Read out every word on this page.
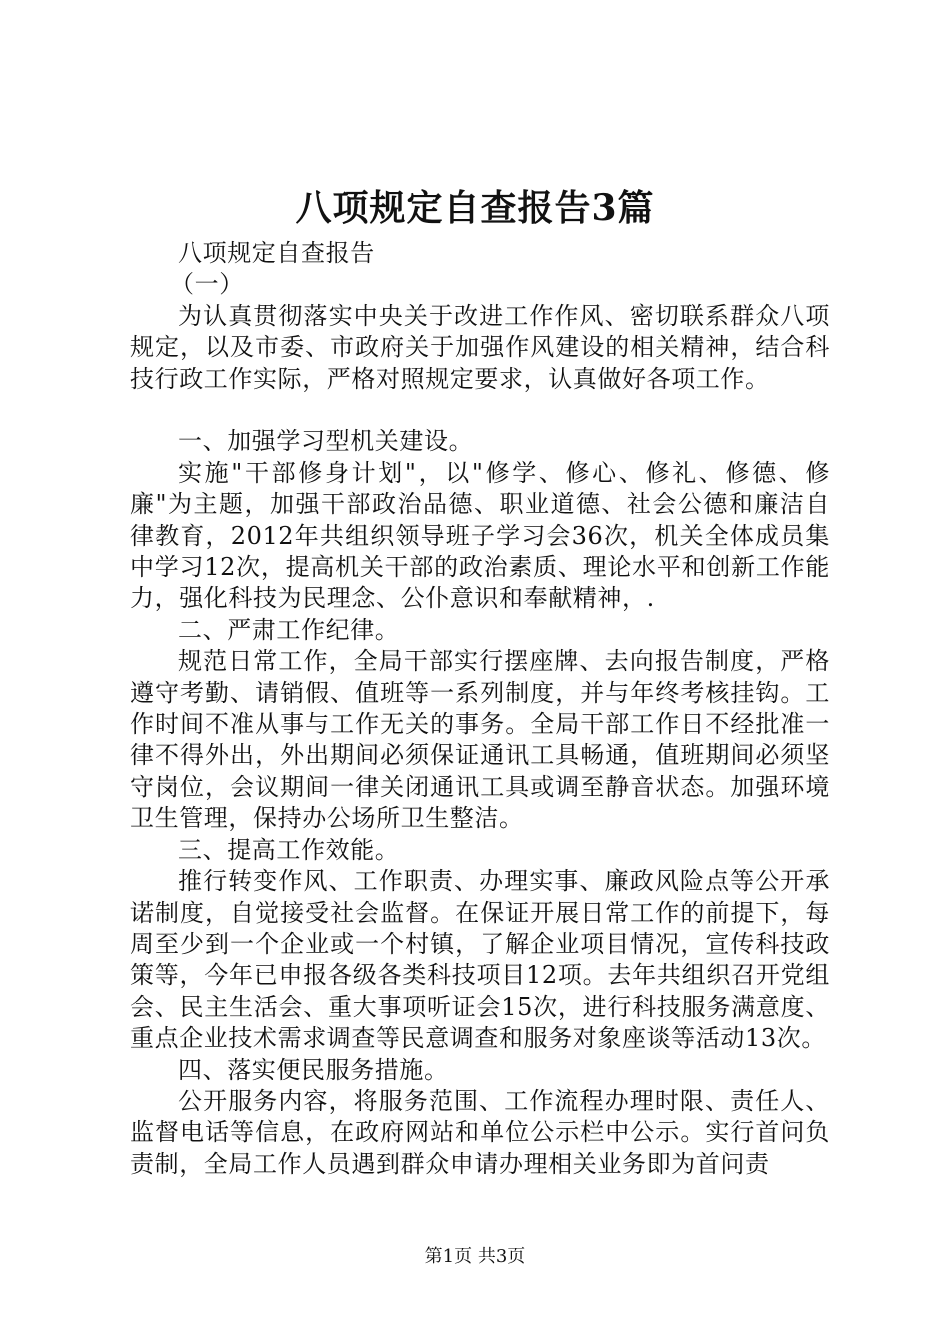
八项规定自查报告3篇

八项规定自查报告

（一）

为认真贯彻落实中央关于改进工作作风、密切联系群众八项规定，以及市委、市政府关于加强作风建设的相关精神，结合科技行政工作实际，严格对照规定要求，认真做好各项工作。

一、加强学习型机关建设。

实施"干部修身计划"，以"修学、修心、修礼、修德、修廉"为主题，加强干部政治品德、职业道德、社会公德和廉洁自律教育，2012年共组织领导班子学习会36次，机关全体成员集中学习12次，提高机关干部的政治素质、理论水平和创新工作能力，强化科技为民理念、公仆意识和奉献精神，.

二、严肃工作纪律。

规范日常工作，全局干部实行摆座牌、去向报告制度，严格遵守考勤、请销假、值班等一系列制度，并与年终考核挂钩。工作时间不准从事与工作无关的事务。全局干部工作日不经批准一律不得外出，外出期间必须保证通讯工具畅通，值班期间必须坚守岗位，会议期间一律关闭通讯工具或调至静音状态。加强环境卫生管理，保持办公场所卫生整洁。

三、提高工作效能。

推行转变作风、工作职责、办理实事、廉政风险点等公开承诺制度，自觉接受社会监督。在保证开展日常工作的前提下，每周至少到一个企业或一个村镇，了解企业项目情况，宣传科技政策等，今年已申报各级各类科技项目12项。去年共组织召开党组会、民主生活会、重大事项听证会15次，进行科技服务满意度、重点企业技术需求调查等民意调查和服务对象座谈等活动13次。

四、落实便民服务措施。

公开服务内容，将服务范围、工作流程办理时限、责任人、监督电话等信息，在政府网站和单位公示栏中公示。实行首问负责制，全局工作人员遇到群众申请办理相关业务即为首问责

第1页 共3页
